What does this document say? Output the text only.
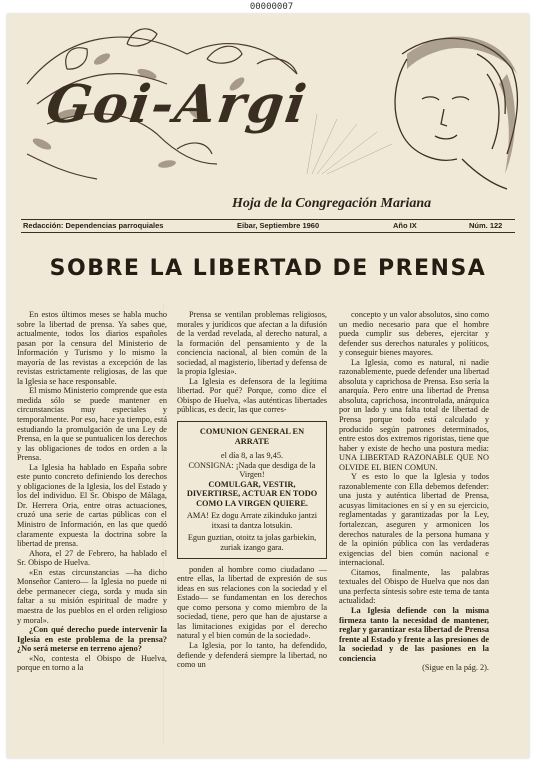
00000007
Goi-Argi
Hoja de la Congregación Mariana
Redacción: Dependencias parroquiales	Eibar, Septiembre 1960	Año IX	Núm. 122
SOBRE LA LIBERTAD DE PRENSA

En estos últimos meses se habla mucho sobre la libertad de prensa. Ya sabes que, actualmente, todos los diarios españoles pasan por la censura del Ministerio de Información y Turismo y lo mismo la mayoría de las revistas a excepción de las revistas estrictamente religiosas, de las que la Iglesia se hace responsable.

El mismo Ministerio comprende que esta medida sólo se puede mantener en circunstancias muy especiales y temporalmente. Por eso, hace ya tiempo, está estudiando la promulgación de una Ley de Prensa, en la que se puntualicen los derechos y las obligaciones de todos en orden a la Prensa.

La Iglesia ha hablado en España sobre este punto concreto definiendo los derechos y obligaciones de la Iglesia, los del Estado y los del individuo. El Sr. Obispo de Málaga, Dr. Herrera Oria, entre otras actuaciones, cruzó una serie de cartas públicas con el Ministro de Información, en las que quedó claramente expuesta la doctrina sobre la libertad de prensa.

Ahora, el 27 de Febrero, ha hablado el Sr. Obispo de Huelva.

«En estas circunstancias —ha dicho Monseñor Cantero— la Iglesia no puede ni debe permanecer ciega, sorda y muda sin faltar a su misión espiritual de madre y maestra de los pueblos en el orden religioso y moral».

¿Con qué derecho puede intervenir la Iglesia en este problema de la prensa? ¿No será meterse en terreno ajeno?

«No, contesta el Obispo de Huelva, porque en torno a la

Prensa se ventilan problemas religiosos, morales y jurídicos que afectan a la difusión de la verdad revelada, al derecho natural, a la formación del pensamiento y de la conciencia nacional, al bien común de la sociedad, al magisterio, libertad y defensa de la propia Iglesia».

La Iglesia es defensora de la legítima libertad. Por qué? Porque, como dice el Obispo de Huelva, «las auténticas libertades públicas, es decir, las que corres-

COMUNION GENERAL EN ARRATE
el día 8, a las 9,45.
CONSIGNA: ¡Nada que desdiga de la Virgen!
COMULGAR, VESTIR, DIVERTIRSE, ACTUAR EN TODO COMO LA VIRGEN QUIERE.
AMA! Ez dogu Arrate zikinduko jantzi itxasi ta dantza lotsukin.
Egun guztian, otoitz ta jolas garbiekin, zuriak izango gara.

ponden al hombre como ciudadano —entre ellas, la libertad de expresión de sus ideas en sus relaciones con la sociedad y el Estado— se fundamentan en los derechos que como persona y como miembro de la sociedad, tiene, pero que han de ajustarse a las limitaciones exigidas por el derecho natural y el bien común de la sociedad».

La Iglesia, por lo tanto, ha defendido, defiende y defenderá siempre la libertad, no como un

concepto y un valor absolutos, sino como un medio necesario para que el hombre pueda cumplir sus deberes, ejercitar y defender sus derechos naturales y políticos, y conseguir bienes mayores.

La Iglesia, como es natural, ni nadie razonablemente, puede defender una libertad absoluta y caprichosa de Prensa. Eso sería la anarquía. Pero entre una libertad de Prensa absoluta, caprichosa, incontrolada, anárquica por un lado y una falta total de libertad de Prensa porque todo está calculado y producido según patrones determinados, entre estos dos extremos rigoristas, tiene que haber y existe de hecho una postura media: UNA LIBERTAD RAZONABLE QUE NO OLVIDE EL BIEN COMUN.

Y es esto lo que la Iglesia y todos razonablemente con Ella debemos defender: una justa y auténtica libertad de Prensa, acusyas limitaciones en sí y en su ejercicio, reglamentadas y garantizadas por la Ley, fortalezcan, aseguren y armonicen los derechos naturales de la persona humana y de la opinión pública con las verdaderas exigencias del bien común nacional e internacional.

Citamos, finalmente, las palabras textuales del Obispo de Huelva que nos dan una perfecta síntesis sobre este tema de tanta actualidad:

La Iglesia defiende con la misma firmeza tanto la necesidad de mantener, reglar y garantizar esta libertad de Prensa frente al Estado y frente a las presiones de la sociedad y de las pasiones en la conciencia

(Sigue en la pág. 2).
